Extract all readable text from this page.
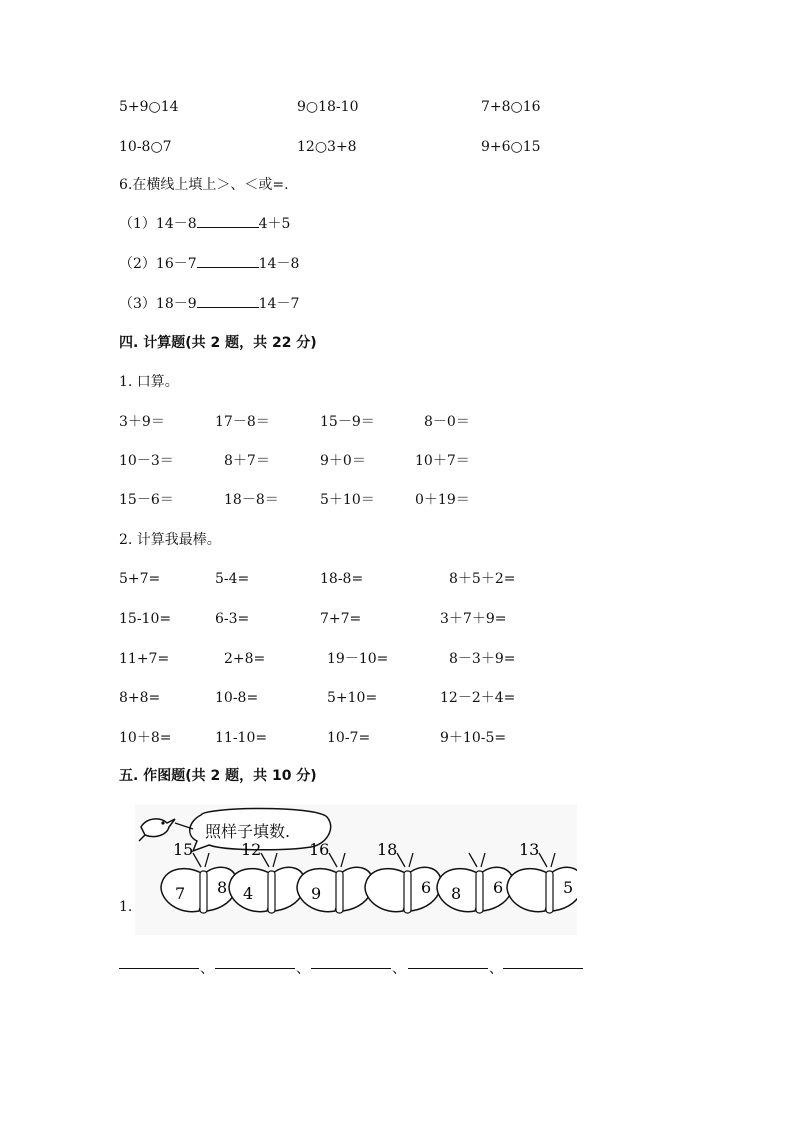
5+9○14	9○18-10	7+8○16
10-8○7	12○3+8	9+6○15
6.在横线上填上＞、＜或=.
（1）14－8	4＋5
（2）16－7	14－8
（3）18－9	14－7
四. 计算题(共 2 题，共 22 分)
1. 口算。
3＋9＝	17－8＝	15－9＝	8－0＝
10－3＝	8＋7＝	9＋0＝	10＋7＝
15－6＝	18－8＝	5＋10＝	0＋19＝
2. 计算我最棒。
5+7=	5-4=	18-8=	8＋5＋2=
15-10=	6-3=	7+7=	3＋7＋9=
11+7=	2+8=	19－10=	8－3＋9=
8+8=	10-8=	5+10=	12－2＋4=
10＋8=	11-10=	10-7=	9＋10-5=
五. 作图题(共 2 题，共 10 分)
1.
照样子填数.
15
7 8
12
4
16
9
18
6 8 6
13
5
、	、	、	、
